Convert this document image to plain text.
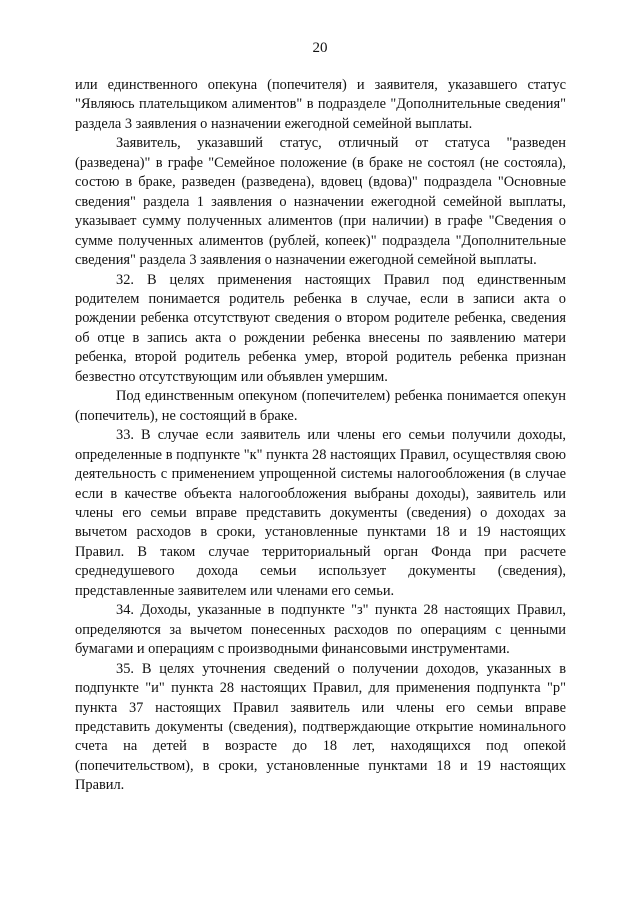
20

или единственного опекуна (попечителя) и заявителя, указавшего статус "Являюсь плательщиком алиментов" в подразделе "Дополнительные сведения" раздела 3 заявления о назначении ежегодной семейной выплаты.

Заявитель, указавший статус, отличный от статуса "разведен (разведена)" в графе "Семейное положение (в браке не состоял (не состояла), состою в браке, разведен (разведена), вдовец (вдова)" подраздела "Основные сведения" раздела 1 заявления о назначении ежегодной семейной выплаты, указывает сумму полученных алиментов (при наличии) в графе "Сведения о сумме полученных алиментов (рублей, копеек)" подраздела "Дополнительные сведения" раздела 3 заявления о назначении ежегодной семейной выплаты.

32. В целях применения настоящих Правил под единственным родителем понимается родитель ребенка в случае, если в записи акта о рождении ребенка отсутствуют сведения о втором родителе ребенка, сведения об отце в запись акта о рождении ребенка внесены по заявлению матери ребенка, второй родитель ребенка умер, второй родитель ребенка признан безвестно отсутствующим или объявлен умершим.

Под единственным опекуном (попечителем) ребенка понимается опекун (попечитель), не состоящий в браке.

33. В случае если заявитель или члены его семьи получили доходы, определенные в подпункте "к" пункта 28 настоящих Правил, осуществляя свою деятельность с применением упрощенной системы налогообложения (в случае если в качестве объекта налогообложения выбраны доходы), заявитель или члены его семьи вправе представить документы (сведения) о доходах за вычетом расходов в сроки, установленные пунктами 18 и 19 настоящих Правил. В таком случае территориальный орган Фонда при расчете среднедушевого дохода семьи использует документы (сведения), представленные заявителем или членами его семьи.

34. Доходы, указанные в подпункте "з" пункта 28 настоящих Правил, определяются за вычетом понесенных расходов по операциям с ценными бумагами и операциям с производными финансовыми инструментами.

35. В целях уточнения сведений о получении доходов, указанных в подпункте "и" пункта 28 настоящих Правил, для применения подпункта "р" пункта 37 настоящих Правил заявитель или члены его семьи вправе представить документы (сведения), подтверждающие открытие номинального счета на детей в возрасте до 18 лет, находящихся под опекой (попечительством), в сроки, установленные пунктами 18 и 19 настоящих Правил.
